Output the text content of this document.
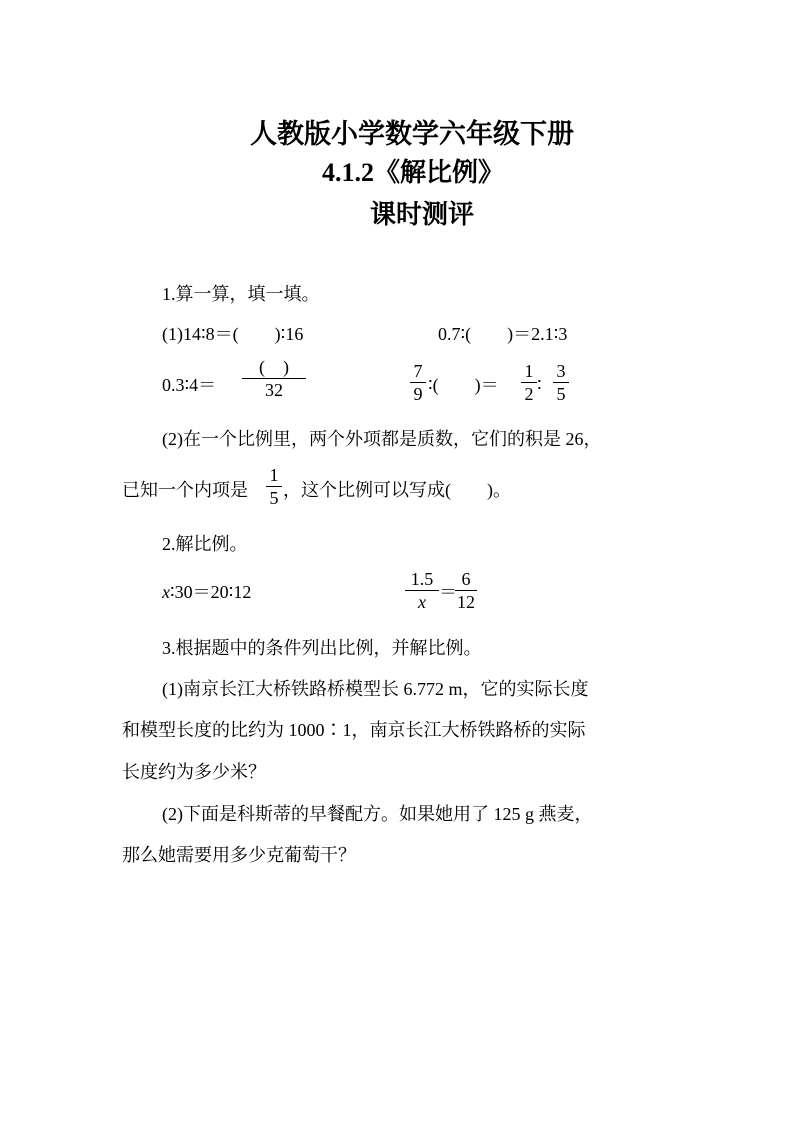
人教版小学数学六年级下册
4.1.2《解比例》
课时测评
1.算一算，填一填。
(1)14∶8＝(　　)∶16	0.7∶(　　)＝2.1∶3
0.3∶4＝
(　)
32
7
9 ∶(　　)＝
1
2 ∶
3
5
(2)在一个比例里，两个外项都是质数，它们的积是 26，
已知一个内项是
1
5 ，这个比例可以写成(　　)。
2.解比例。
x∶30＝20∶12
1.5
x ＝
6
12
3.根据题中的条件列出比例，并解比例。
(1)南京长江大桥铁路桥模型长 6.772 m，它的实际长度
和模型长度的比约为 1000∶1，南京长江大桥铁路桥的实际
长度约为多少米？
(2)下面是科斯蒂的早餐配方。如果她用了 125 g 燕麦，
那么她需要用多少克葡萄干？
